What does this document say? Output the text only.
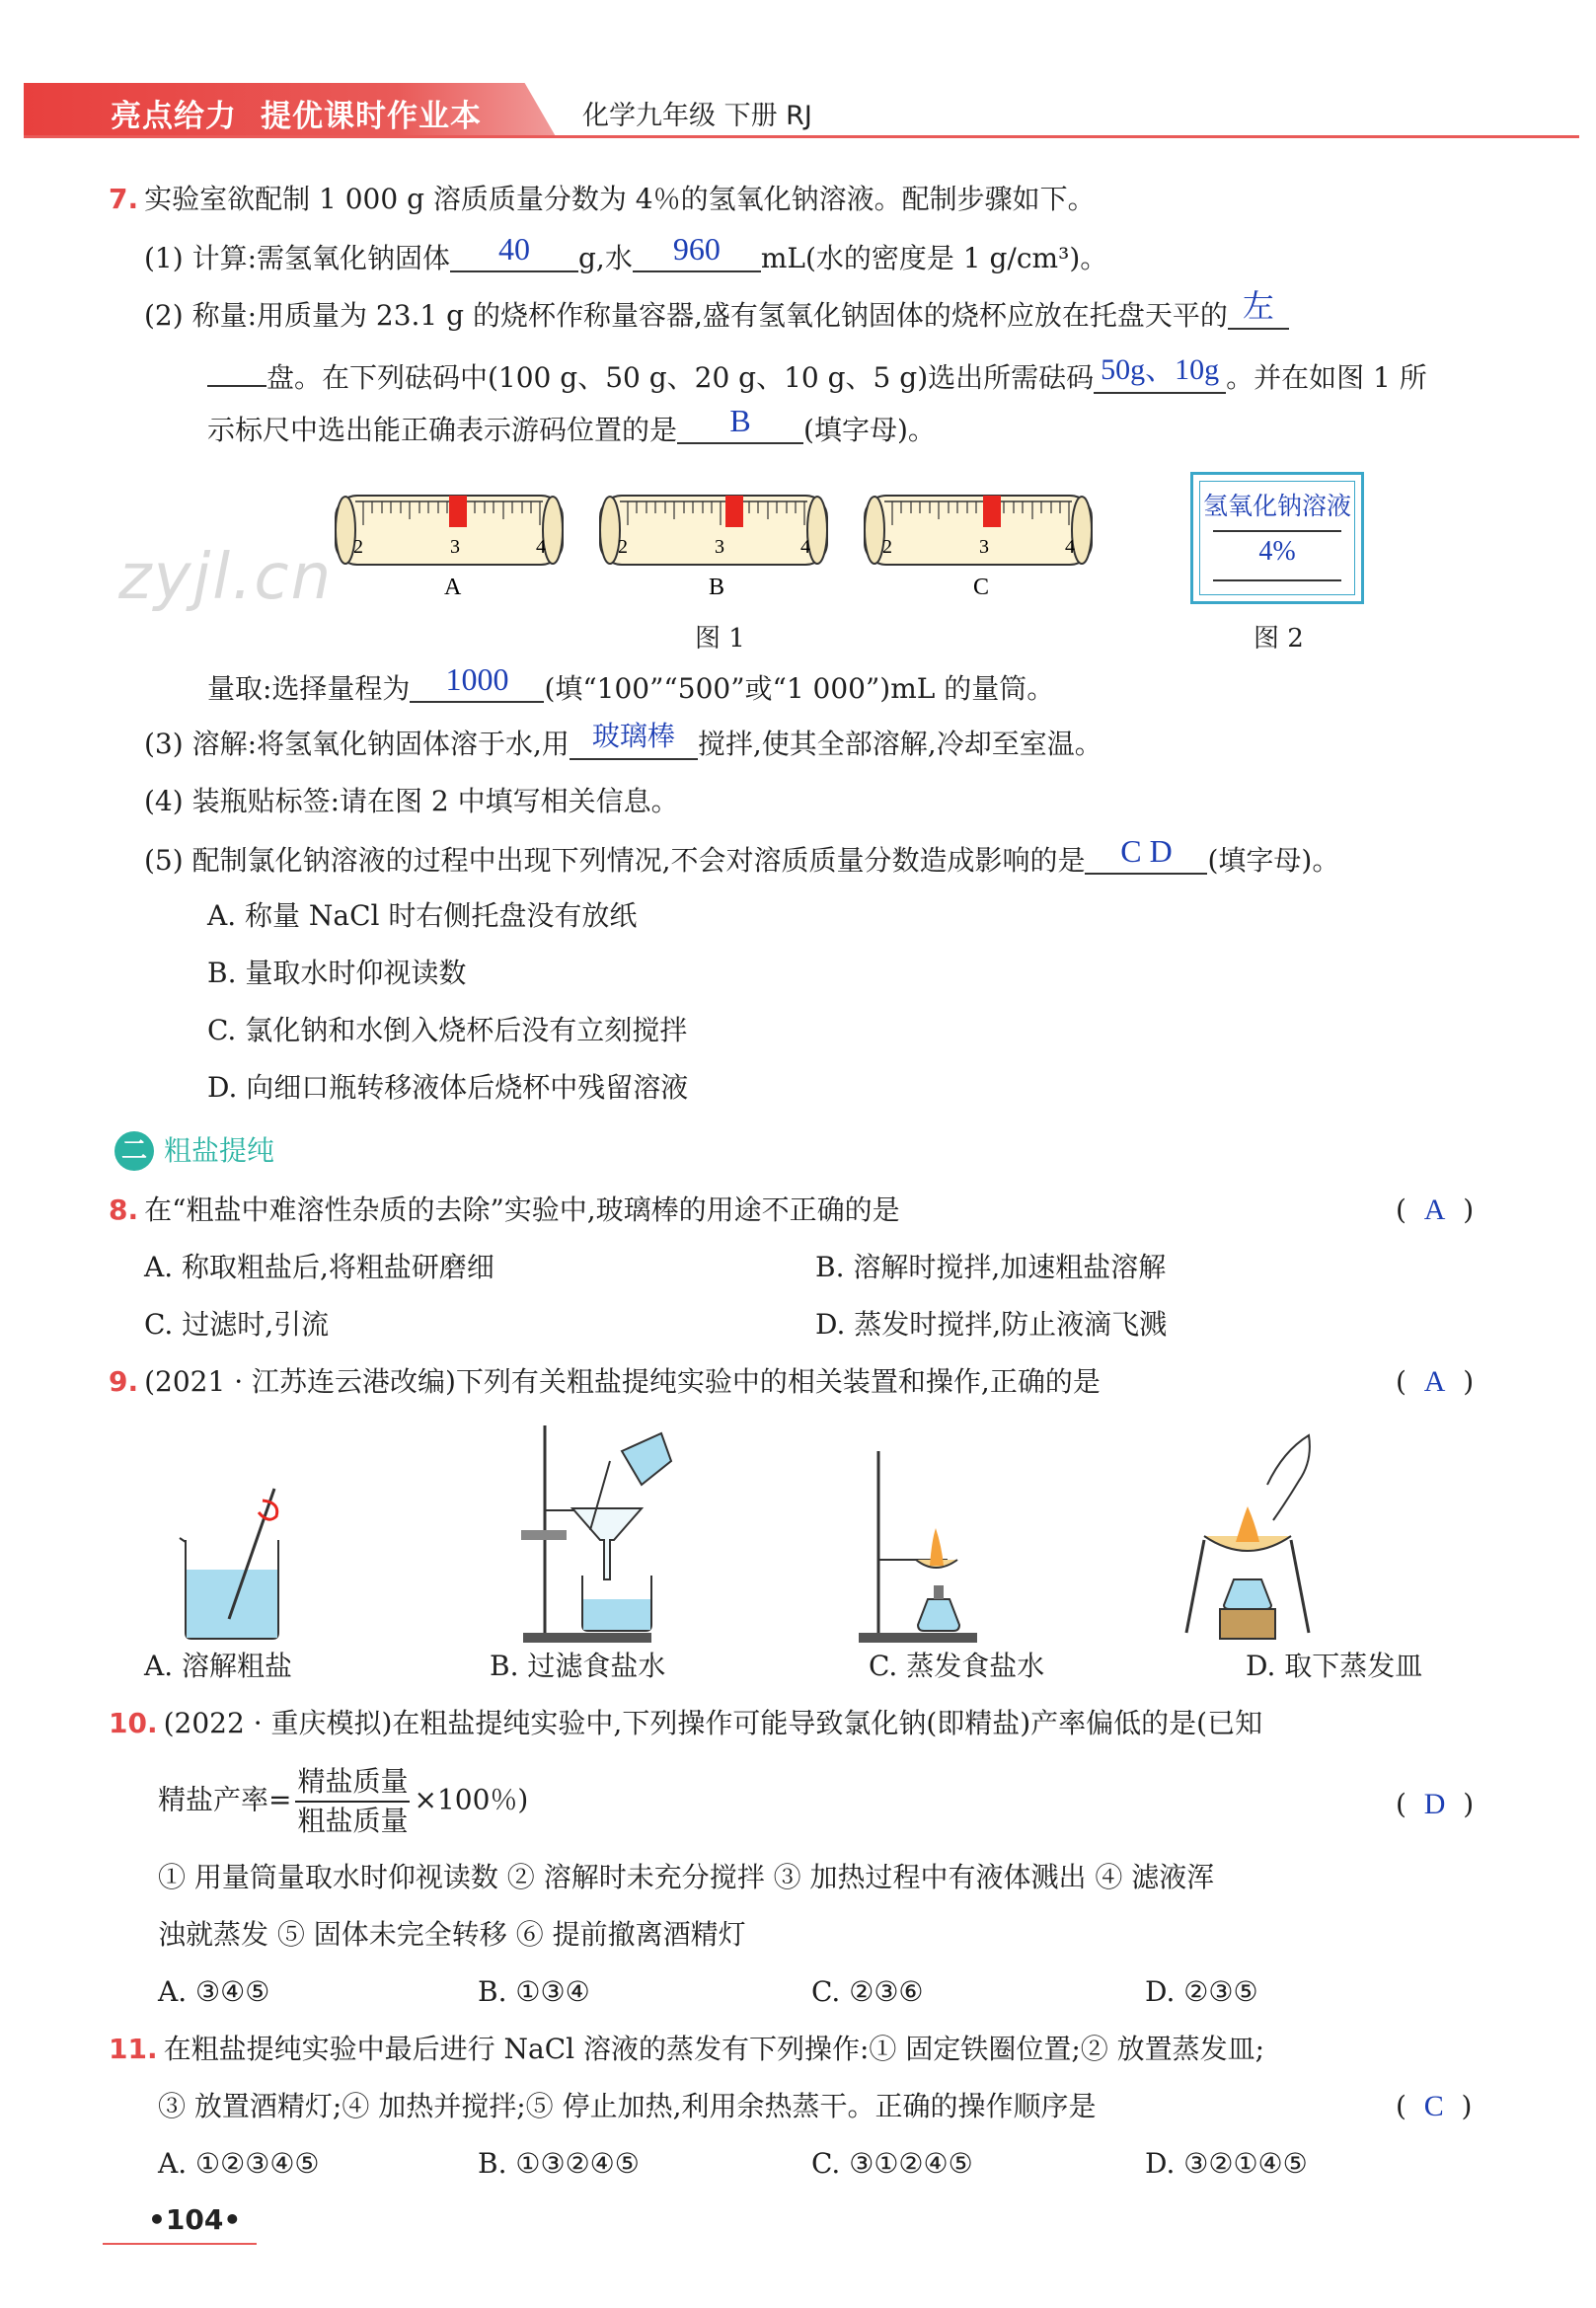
亮点给力 提优课时作业本	化学九年级 下册 RJ
7. 实验室欲配制 1 000 g 溶质质量分数为 4％的氢氧化钠溶液。配制步骤如下。
(1) 计算:需氢氧化钠固体 40 g,水 960 mL(水的密度是 1 g/cm³)。
(2) 称量:用质量为 23.1 g 的烧杯作称量容器,盛有氢氧化钠固体的烧杯应放在托盘天平的 左
盘。在下列砝码中(100 g、50 g、20 g、10 g、5 g)选出所需砝码 50g、10g 。并在如图 1 所
示标尺中选出能正确表示游码位置的是 B (填字母)。
2	3	4
A
2	3	4
B
2	3	4
C
图 1
zyjl.cn
氢氧化钠溶液
4%
图 2
量取:选择量程为 1000 (填“100”“500”或“1 000”)mL 的量筒。
(3) 溶解:将氢氧化钠固体溶于水,用 玻璃棒 搅拌,使其全部溶解,冷却至室温。
(4) 装瓶贴标签:请在图 2 中填写相关信息。
(5) 配制氯化钠溶液的过程中出现下列情况,不会对溶质质量分数造成影响的是 C D (填字母)。
A. 称量 NaCl 时右侧托盘没有放纸
B. 量取水时仰视读数
C. 氯化钠和水倒入烧杯后没有立刻搅拌
D. 向细口瓶转移液体后烧杯中残留溶液
二 粗盐提纯
8. 在“粗盐中难溶性杂质的去除”实验中,玻璃棒的用途不正确的是	(  A  )
A. 称取粗盐后,将粗盐研磨细	B. 溶解时搅拌,加速粗盐溶解
C. 过滤时,引流	D. 蒸发时搅拌,防止液滴飞溅
9. (2021 · 江苏连云港改编)下列有关粗盐提纯实验中的相关装置和操作,正确的是	(  A  )
A. 溶解粗盐	B. 过滤食盐水	C. 蒸发食盐水	D. 取下蒸发皿
10. (2022 · 重庆模拟)在粗盐提纯实验中,下列操作可能导致氯化钠(即精盐)产率偏低的是(已知
精盐产率= $\frac{\text{精盐质量}}{\text{粗盐质量}} \times 100$％)	(  D  )
① 用量筒量取水时仰视读数 ② 溶解时未充分搅拌 ③ 加热过程中有液体溅出 ④ 滤液浑
浊就蒸发 ⑤ 固体未完全转移 ⑥ 提前撤离酒精灯
A. ③④⑤	B. ①③④	C. ②③⑥	D. ②③⑤
11. 在粗盐提纯实验中最后进行 NaCl 溶液的蒸发有下列操作:① 固定铁圈位置;② 放置蒸发皿;
③ 放置酒精灯;④ 加热并搅拌;⑤ 停止加热,利用余热蒸干。正确的操作顺序是	(  C  )
A. ①②③④⑤	B. ①③②④⑤	C. ③①②④⑤	D. ③②①④⑤
•104•
